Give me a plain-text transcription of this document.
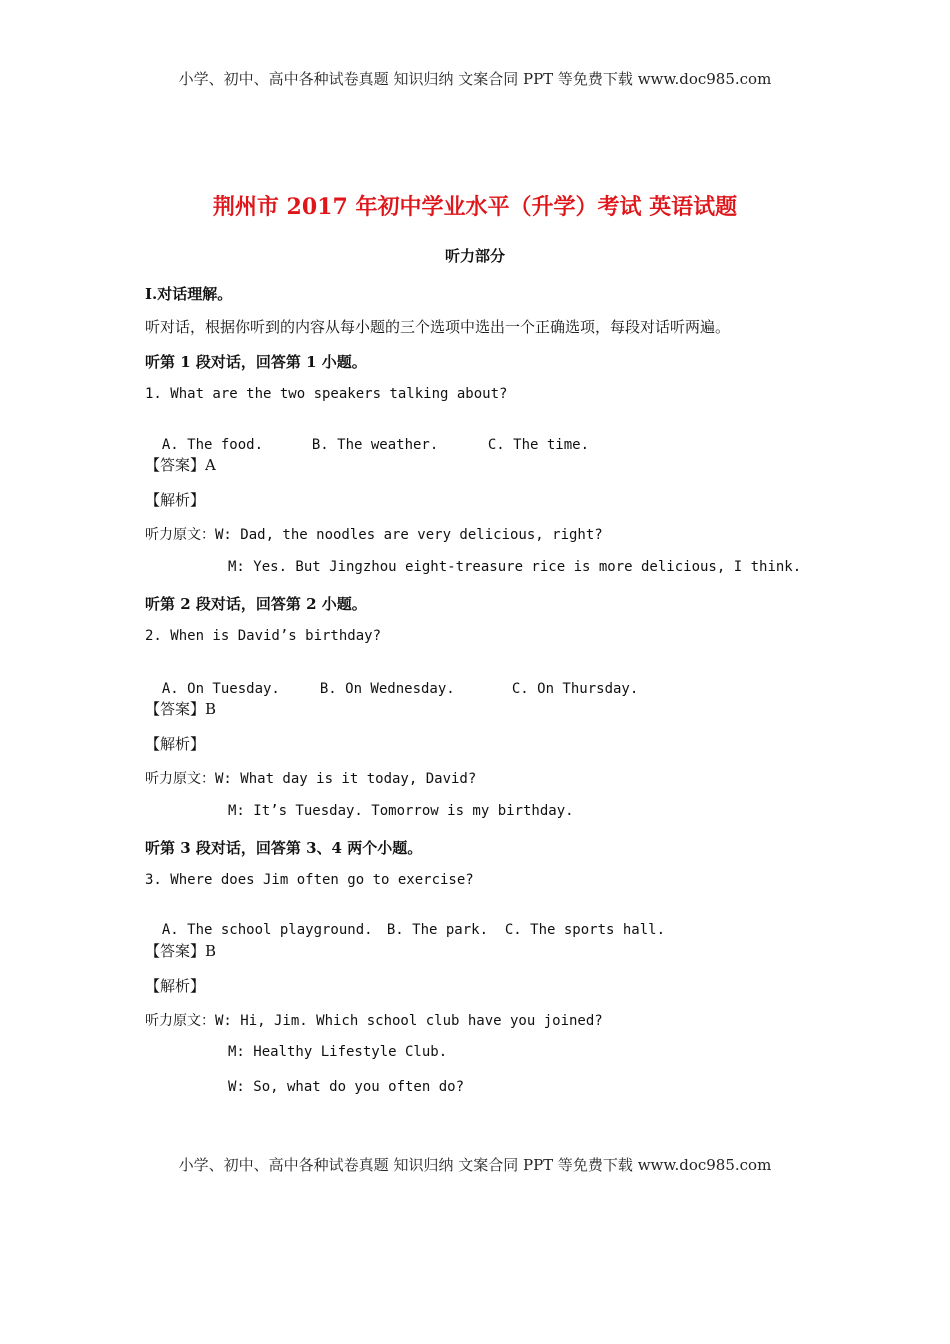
小学、初中、高中各种试卷真题 知识归纳 文案合同 PPT 等免费下载 www.doc985.com
荆州市 2017 年初中学业水平（升学）考试 英语试题
听力部分
I.对话理解。
听对话，根据你听到的内容从每小题的三个选项中选出一个正确选项，每段对话听两遍。
听第 1 段对话，回答第 1 小题。
1. What are the two speakers talking about?

A. The food.	B. The weather.	C. The time.

【答案】A
【解析】
听力原文：W: Dad, the noodles are very delicious, right?
M: Yes. But Jingzhou eight-treasure rice is more delicious, I think.
听第 2 段对话，回答第 2 小题。
2. When is David’s birthday?

A. On Tuesday.	B. On Wednesday.	C. On Thursday.

【答案】B
【解析】
听力原文：W: What day is it today, David?
M: It’s Tuesday. Tomorrow is my birthday.
听第 3 段对话，回答第 3、4 两个小题。
3. Where does Jim often go to exercise?

A. The school playground. B. The park. C. The sports hall.

【答案】B
【解析】
听力原文：W: Hi, Jim. Which school club have you joined?
M: Healthy Lifestyle Club.
W: So, what do you often do?
小学、初中、高中各种试卷真题 知识归纳 文案合同 PPT 等免费下载 www.doc985.com
